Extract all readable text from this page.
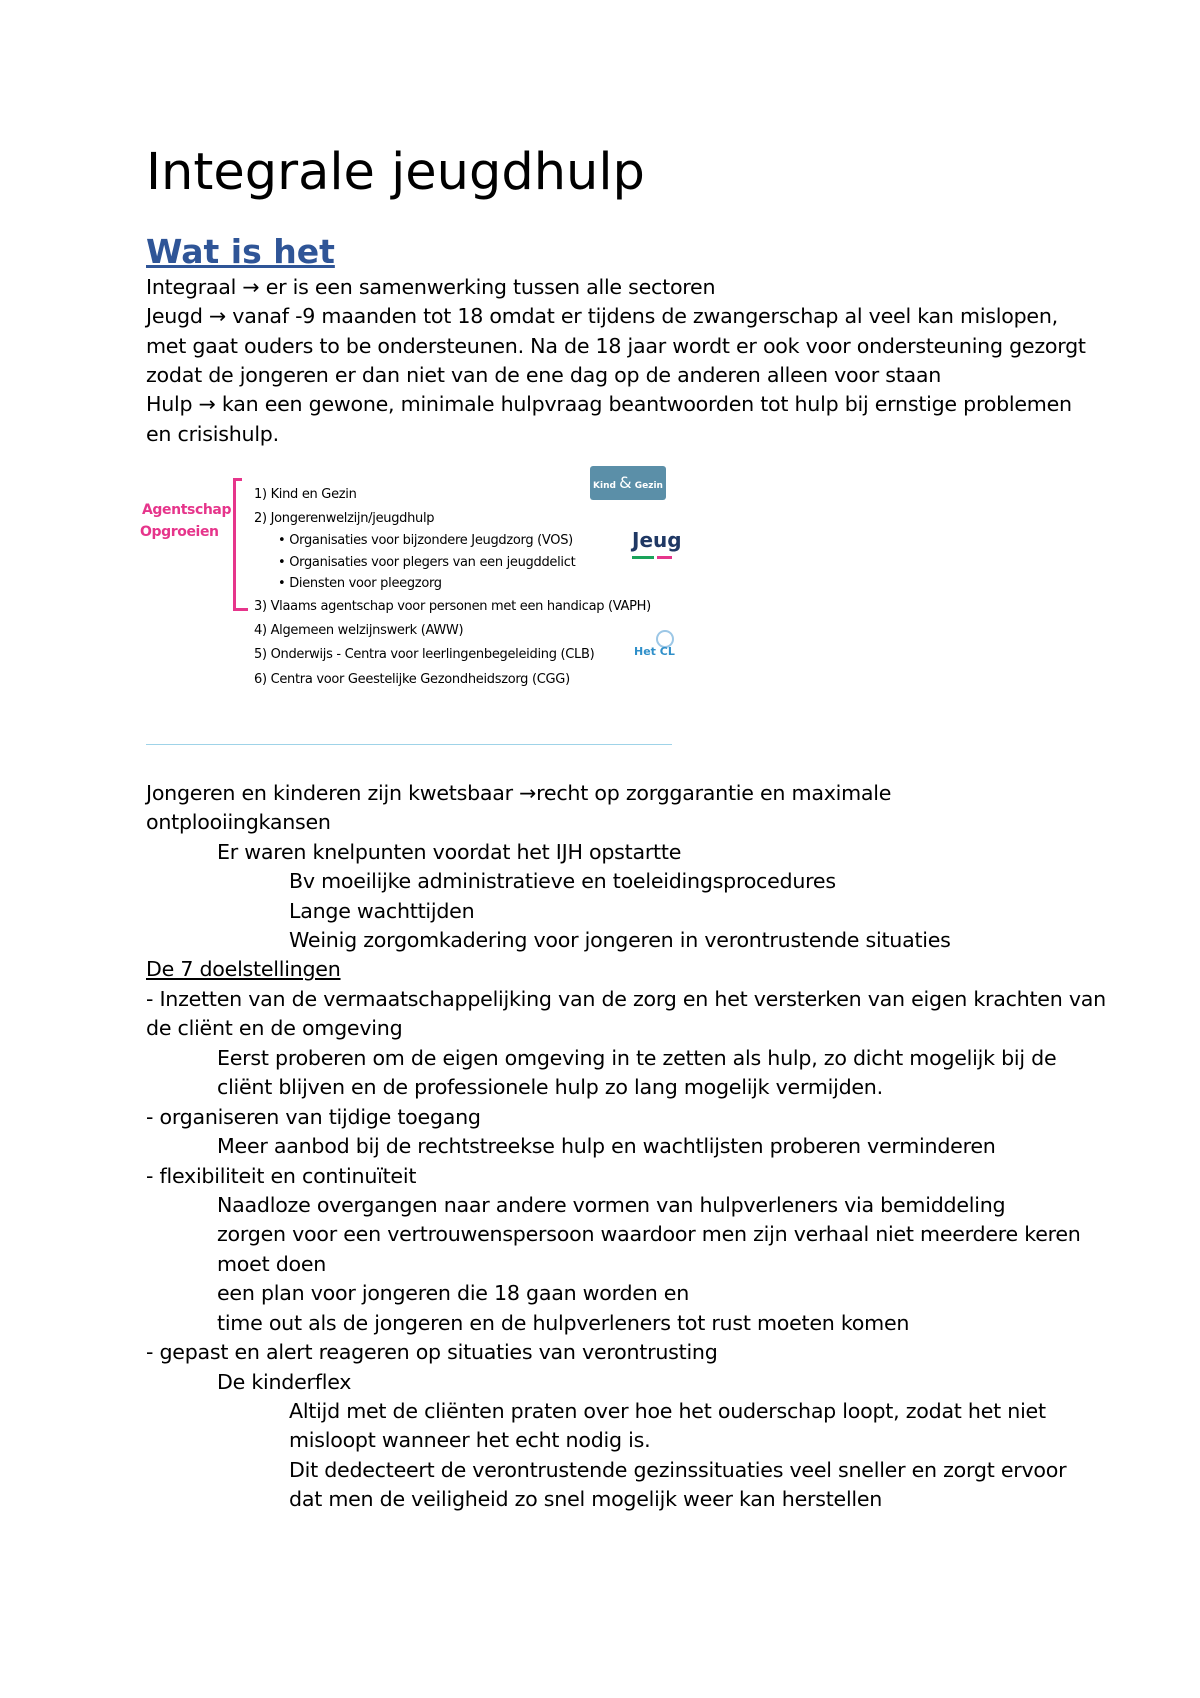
Integrale jeugdhulp
Wat is het
Integraal → er is een samenwerking tussen alle sectoren
Jeugd → vanaf -9 maanden tot 18 omdat er tijdens de zwangerschap al veel kan mislopen,
met gaat ouders to be ondersteunen. Na de 18 jaar wordt er ook voor ondersteuning gezorgt
zodat de jongeren er dan niet van de ene dag op de anderen alleen voor staan
Hulp → kan een gewone, minimale hulpvraag beantwoorden tot hulp bij ernstige problemen
en crisishulp.
Agentschap
Opgroeien
1) Kind en Gezin
2) Jongerenwelzijn/jeugdhulp
• Organisaties voor bijzondere Jeugdzorg (VOS)
• Organisaties voor plegers van een jeugddelict
• Diensten voor pleegzorg
3) Vlaams agentschap voor personen met een handicap (VAPH)
4) Algemeen welzijnswerk (AWW)
5) Onderwijs - Centra voor leerlingenbegeleiding (CLB)
6) Centra voor Geestelijke Gezondheidszorg (CGG)
Kind & Gezin
Jeug
Het CL
Jongeren en kinderen zijn kwetsbaar →recht op zorggarantie en maximale
ontplooiingkansen
Er waren knelpunten voordat het IJH opstartte
Bv moeilijke administratieve en toeleidingsprocedures
Lange wachttijden
Weinig zorgomkadering voor jongeren in verontrustende situaties
De 7 doelstellingen
- Inzetten van de vermaatschappelijking van de zorg en het versterken van eigen krachten van
de cliënt en de omgeving
Eerst proberen om de eigen omgeving in te zetten als hulp, zo dicht mogelijk bij de
cliënt blijven en de professionele hulp zo lang mogelijk vermijden.
- organiseren van tijdige toegang
Meer aanbod bij de rechtstreekse hulp en wachtlijsten proberen verminderen
- flexibiliteit en continuïteit
Naadloze overgangen naar andere vormen van hulpverleners via bemiddeling
zorgen voor een vertrouwenspersoon waardoor men zijn verhaal niet meerdere keren
moet doen
een plan voor jongeren die 18 gaan worden en
time out als de jongeren en de hulpverleners tot rust moeten komen
- gepast en alert reageren op situaties van verontrusting
De kinderflex
Altijd met de cliënten praten over hoe het ouderschap loopt, zodat het niet
misloopt wanneer het echt nodig is.
Dit dedecteert de verontrustende gezinssituaties veel sneller en zorgt ervoor
dat men de veiligheid zo snel mogelijk weer kan herstellen
